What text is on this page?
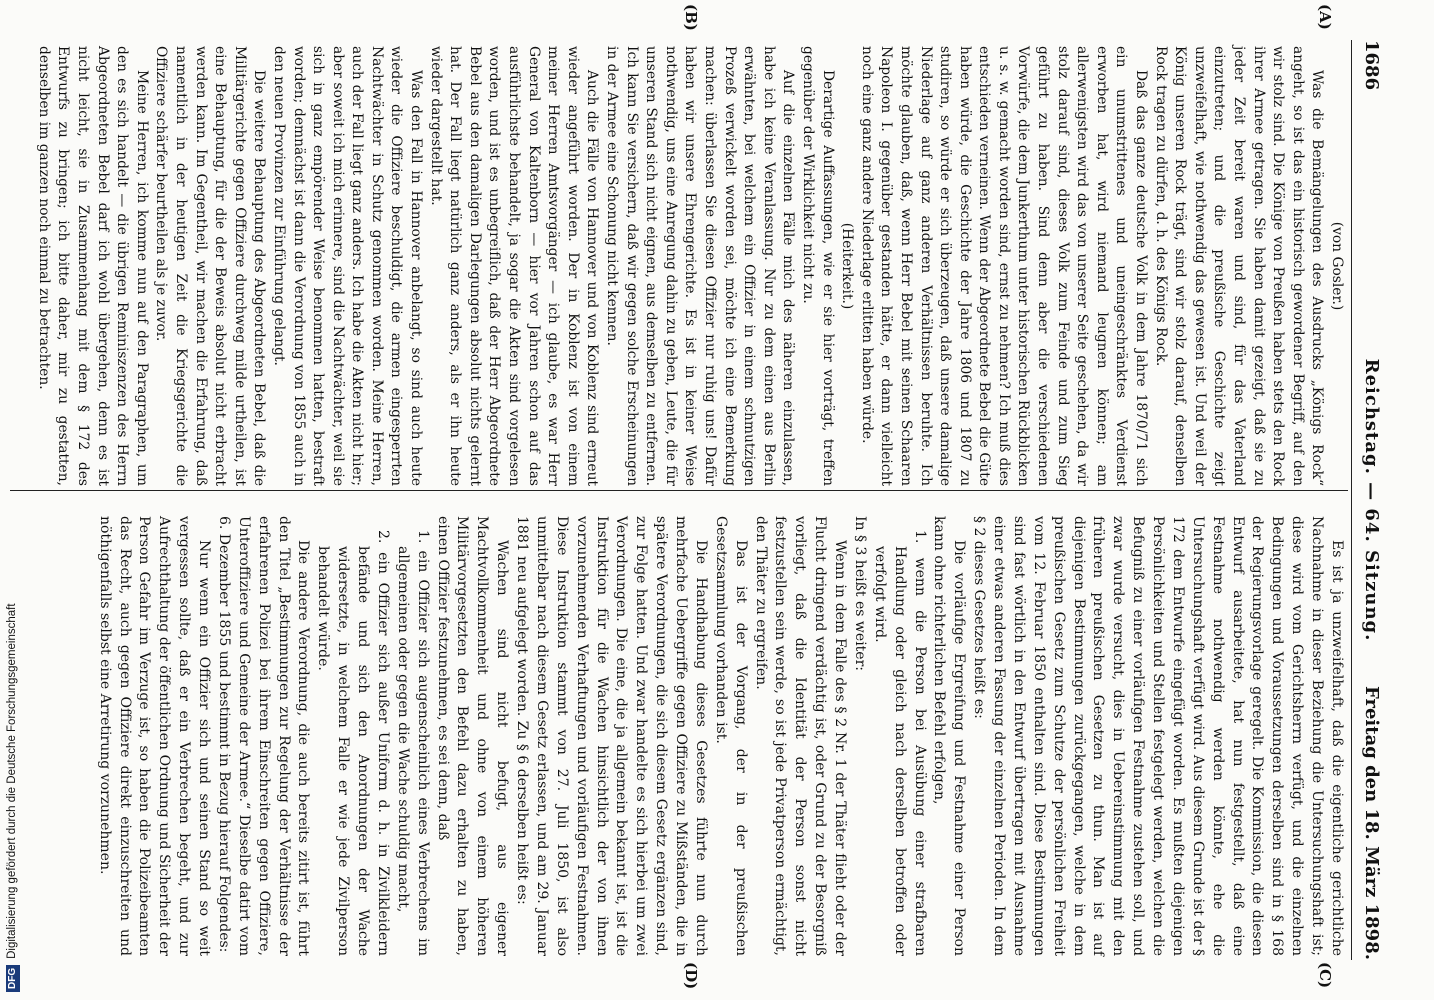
1686
Reichstag. — 64. Sitzung.
Freitag den 18. März 1898.
(A)
(B)
(C)
(D)

(von Gosler.)

Was die Bemängelungen des Ausdrucks „Königs Rock“ angeht, so ist das ein historisch gewordener Begriff, auf den wir stolz sind. Die Könige von Preußen haben stets den Rock ihrer Armee getragen. Sie haben damit gezeigt, daß sie zu jeder Zeit bereit waren und sind, für das Vaterland einzutreten; und die preußische Geschichte zeigt unzweifelhaft, wie nothwendig das gewesen ist. Und weil der König unseren Rock trägt, sind wir stolz darauf, denselben Rock tragen zu dürfen, d. h. des Königs Rock.

Daß das ganze deutsche Volk in dem Jahre 1870/71 sich ein unumstrittenes und uneingeschränktes Verdienst erworben hat, wird niemand leugnen können; am allerwenigsten wird das von unserer Seite geschehen, da wir stolz darauf sind, dieses Volk zum Feinde und zum Sieg geführt zu haben. Sind denn aber die verschiedenen Vorwürfe, die dem Junkerthum unter historischen Rückblicken u. s. w. gemacht worden sind, ernst zu nehmen? Ich muß dies entschieden verneinen. Wenn der Abgeordnete Bebel die Güte haben würde, die Geschichte der Jahre 1806 und 1807 zu studiren, so würde er sich überzeugen, daß unsere damalige Niederlage auf ganz anderen Verhältnissen beruhte. Ich möchte glauben, daß, wenn Herr Bebel mit seinen Schaaren Napoleon I. gegenüber gestanden hätte, er dann vielleicht noch eine ganz andere Niederlage erlitten haben würde.

(Heiterkeit.)

Derartige Auffassungen, wie er sie hier vorträgt, treffen gegenüber der Wirklichkeit nicht zu.

Auf die einzelnen Fälle mich des näheren einzulassen, habe ich keine Veranlassung. Nur zu dem einen aus Berlin erwähnten, bei welchem ein Offizier in einem schmutzigen Prozeß verwickelt worden sei, möchte ich eine Bemerkung machen: überlassen Sie diesen Offizier nur ruhig uns! Dafür haben wir unsere Ehrengerichte. Es ist in keiner Weise nothwendig, uns eine Anregung dahin zu geben, Leute, die für unseren Stand sich nicht eignen, aus demselben zu entfernen. Ich kann Sie versichern, daß wir gegen solche Erscheinungen in der Armee eine Schonung nicht kennen.

Auch die Fälle von Hannover und von Koblenz sind erneut wieder angeführt worden. Der in Koblenz ist von einem meiner Herren Amtsvorgänger — ich glaube, es war Herr General von Kaltenborn — hier vor Jahren schon auf das ausführlichste behandelt, ja sogar die Akten sind vorgelesen worden, und ist es unbegreiflich, daß der Herr Abgeordnete Bebel aus den damaligen Darlegungen absolut nichts gelernt hat. Der Fall liegt natürlich ganz anders, als er ihn heute wieder dargestellt hat.

Was den Fall in Hannover anbelangt, so sind auch heute wieder die Offiziere beschuldigt, die armen eingesperrten Nachtwächter in Schutz genommen worden. Meine Herren, auch der Fall liegt ganz anders. Ich habe die Akten nicht hier; aber soweit ich mich erinnere, sind die Nachtwächter, weil sie sich in ganz empörender Weise benommen hatten, bestraft worden; demnächst ist dann die Verordnung von 1855 auch in den neuen Provinzen zur Einführung gelangt.

Die weitere Behauptung des Abgeordneten Bebel, daß die Militärgerichte gegen Offiziere durchweg milde urtheilen, ist eine Behauptung, für die der Beweis absolut nicht erbracht werden kann. Im Gegentheil, wir machen die Erfahrung, daß namentlich in der heutigen Zeit die Kriegsgerichte die Offiziere schärfer beurtheilen als je zuvor.

Meine Herren, ich komme nun auf den Paragraphen, um den es sich handelt — die übrigen Reminiszenzen des Herrn Abgeordneten Bebel darf ich wohl übergehen, denn es ist nicht leicht, sie in Zusammenhang mit dem § 172 des Entwurfs zu bringen; ich bitte daher, mir zu gestatten, denselben im ganzen noch einmal zu betrachten.

Es ist ja unzweifelhaft, daß die eigentliche gerichtliche Nachnahme in dieser Beziehung die Untersuchungshaft ist; diese wird vom Gerichtsherrn verfügt, und die einzelnen Bedingungen und Voraussetzungen derselben sind in § 168 der Regierungsvorlage geregelt. Die Kommission, die diesen Entwurf ausarbeitete, hat nun festgestellt, daß eine Festnahme nothwendig werden könnte, ehe die Untersuchungshaft verfügt wird. Aus diesem Grunde ist der § 172 dem Entwurfe eingefügt worden. Es mußten diejenigen Persönlichkeiten und Stellen festgelegt werden, welchen die Befugniß zu einer vorläufigen Festnahme zustehen soll, und zwar wurde versucht, dies in Uebereinstimmung mit den früheren preußischen Gesetzen zu thun. Man ist auf diejenigen Bestimmungen zurückgegangen, welche in dem preußischen Gesetz zum Schutze der persönlichen Freiheit vom 12. Februar 1850 enthalten sind. Diese Bestimmungen sind fast wörtlich in den Entwurf übertragen mit Ausnahme einer etwas anderen Fassung der einzelnen Perioden. In dem § 2 dieses Gesetzes heißt es:

Die vorläufige Ergreifung und Festnahme einer Person kann ohne richterlichen Befehl erfolgen,

1. wenn die Person bei Ausübung einer strafbaren Handlung oder gleich nach derselben betroffen oder verfolgt wird.

In § 3 heißt es weiter:

Wenn in dem Falle des § 2 Nr. 1 der Thäter flieht oder der Flucht dringend verdächtig ist, oder Grund zu der Besorgniß vorliegt, daß die Identität der Person sonst nicht festzustellen sein werde, so ist jede Privatperson ermächtigt, den Thäter zu ergreifen.

Das ist der Vorgang, der in der preußischen Gesetzsammlung vorhanden ist.

Die Handhabung dieses Gesetzes führte nun durch mehrfache Uebergriffe gegen Offiziere zu Mißständen, die in spätere Verordnungen, die sich diesem Gesetz ergänzen sind, zur Folge hatten. Und zwar handelte es sich hierbei um zwei Verordnungen. Die eine, die ja allgemein bekannt ist, ist die Instruktion für die Wachen hinsichtlich der von ihnen vorzunehmenden Verhaftungen und vorläufigen Festnahmen. Diese Instruktion stammt von 27. Juli 1850, ist also unmittelbar nach diesem Gesetz erlassen, und am 29. Januar 1881 neu aufgelegt worden. Zu § 6 derselben heißt es:

Wachen sind nicht befugt, aus eigener Machtvollkommenheit und ohne von einem höheren Militärvorgesetzten den Befehl dazu erhalten zu haben, einen Offizier festzunehmen, es sei denn, daß

1. ein Offizier sich augenscheinlich eines Verbrechens im allgemeinen oder gegen die Wache schuldig macht,

2. ein Offizier sich außer Uniform d. h. in Zivilkleidern befände und sich den Anordnungen der Wache widersetzte, in welchem Falle er wie jede Zivilperson behandelt würde.

Die andere Verordnung, die auch bereits zitirt ist, führt den Titel „Bestimmungen zur Regelung der Verhältnisse der erfahrenen Polizei bei ihrem Einschreiten gegen Offiziere, Unteroffiziere und Gemeine der Armee.“ Dieselbe datirt vom 6. Dezember 1855 und bestimmt in Bezug hierauf Folgendes:

Nur wenn ein Offizier sich und seinen Stand so weit vergessen sollte, daß er ein Verbrechen begeht, und zur Aufrechthaltung der öffentlichen Ordnung und Sicherheit der Person Gefahr im Verzuge ist, so haben die Polizeibeamten das Recht, auch gegen Offiziere direkt einzuschreiten und nöthigenfalls selbst eine Arretirung vorzunehmen.

DFGDigitalisierung gefördert durch die Deutsche Forschungsgemeinschaft
